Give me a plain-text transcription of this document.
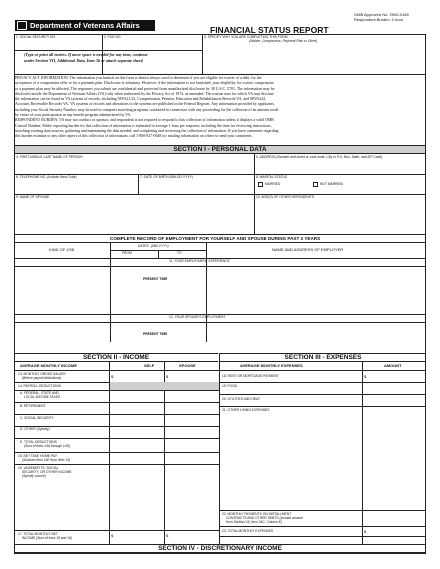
Department of Veterans Affairs
OMB Approved No. 2900-0165
Respondent Burden: 1 hour
FINANCIAL STATUS REPORT
1. SOCIAL SECURITY NO.	2. FILE NO.	3. SPECIFY WHY YOU ARE COMPLETING THIS FORM
(Waiver, Compromise, Payment Plan or Other)
(Type or print all entries. If more space is needed for any item, continue
under Section VII, Additional Data, Item 36 or attach separate sheet)
PRIVACY ACT INFORMATION: The information you furnish on this form is almost always used to determine if you are eligible for waiver of a debt, for the
acceptance of a compromise offer or for a payment plan. Disclosure is voluntary. However, if the information is not furnished, your eligibility for waiver, compromise
or a payment plan may be affected. The responses you submit are confidential and protected from unauthorized disclosure by 38 U.S.C. 5701. The information may be
disclosed outside the Department of Veterans Affairs (VA) only when authorized by the Privacy Act of 1974, as amended. The routine uses for which VA may disclose
the information can be found in VA systems of records, including 58VA21/22, Compensation, Pension, Education and Rehabilitation Records-VA, and 88VA244,
Accounts Receivable Records-VA. VA systems of records and alterations to the systems are published in the Federal Register. Any information provided by applicants,
including your Social Security Number, may be used in computer matching programs conducted in connection with any proceeding for the collection of an amount owed
by virtue of your participation in any benefit program administered by VA.
RESPONDENT BURDEN: VA may not conduct or sponsor, and respondent is not required to respond to this collection of information unless it displays a valid OMB
Control Number. Public reporting burden for this collection of information is estimated to average 1 hour per response, including the time for reviewing instructions,
searching existing data sources, gathering and maintaining the data needed, and completing and reviewing the collection of information. If you have comments regarding
this burden estimate or any other aspect of this collection of information, call 1-800-827-0648 for mailing information on where to send your comments.
SECTION I - PERSONAL DATA
4. FIRST-MIDDLE-LAST NAME OF PERSON	5. ADDRESS (Number and street or rural route, City or P.O. Box, State, and ZIP Code)
6. TELEPHONE NO. (Include Area Code)	7. DATE OF BIRTH (MM-DD-YYYY)	8. MARITAL STATUS
MARRIED	NOT MARRIED
9. NAME OF SPOUSE	10. AGE(S) OF OTHER DEPENDENTS
COMPLETE RECORD OF EMPLOYMENT FOR YOURSELF AND SPOUSE DURING PAST 2 YEARS
KIND OF JOB
DATES (MM-YYYY)
FROM	TO
NAME AND ADDRESS OF EMPLOYER
11. YOUR EMPLOYMENT EXPERIENCE
PRESENT TIME
12. YOUR SPOUSE'S EMPLOYMENT
PRESENT TIME
SECTION II - INCOME	SECTION III - EXPENSES
AVERAGE MONTHLY INCOME	SELF	SPOUSE	AVERAGE MONTHLY EXPENSES	AMOUNT
13. MONTHLY GROSS SALARY
(Before payroll deductions)	$	$
14. PAYROLL DEDUCTIONS
A. FEDERAL, STATE AND
LOCAL INCOME TAXES
B. RETIREMENT
C. SOCIAL SECURITY
D. OTHER (Specify)
E. TOTAL DEDUCTIONS
(Sum of lines 14A through 14D)
15. NET TAKE HOME PAY
(Subtract Item 14E from Item 13)
16. VA BENEFITS, SOCIAL
SECURITY, OR OTHER INCOME
(Specify source)
17. TOTAL MONTHLY NET
INCOME (Sum of lines 15 and 16)	$	$
18. RENT OR MORTGAGE PAYMENT	$
19. FOOD
20. UTILITIES AND HEAT
21. OTHER LIVING EXPENSES
22. MONTHLY PAYMENTS ON INSTALLMENT
CONTRACTS AND OTHER DEBTS (Include amount
from Section VII, Item 34C, Column E)
23. TOTAL MONTHLY EXPENSES	$
SECTION IV - DISCRETIONARY INCOME
